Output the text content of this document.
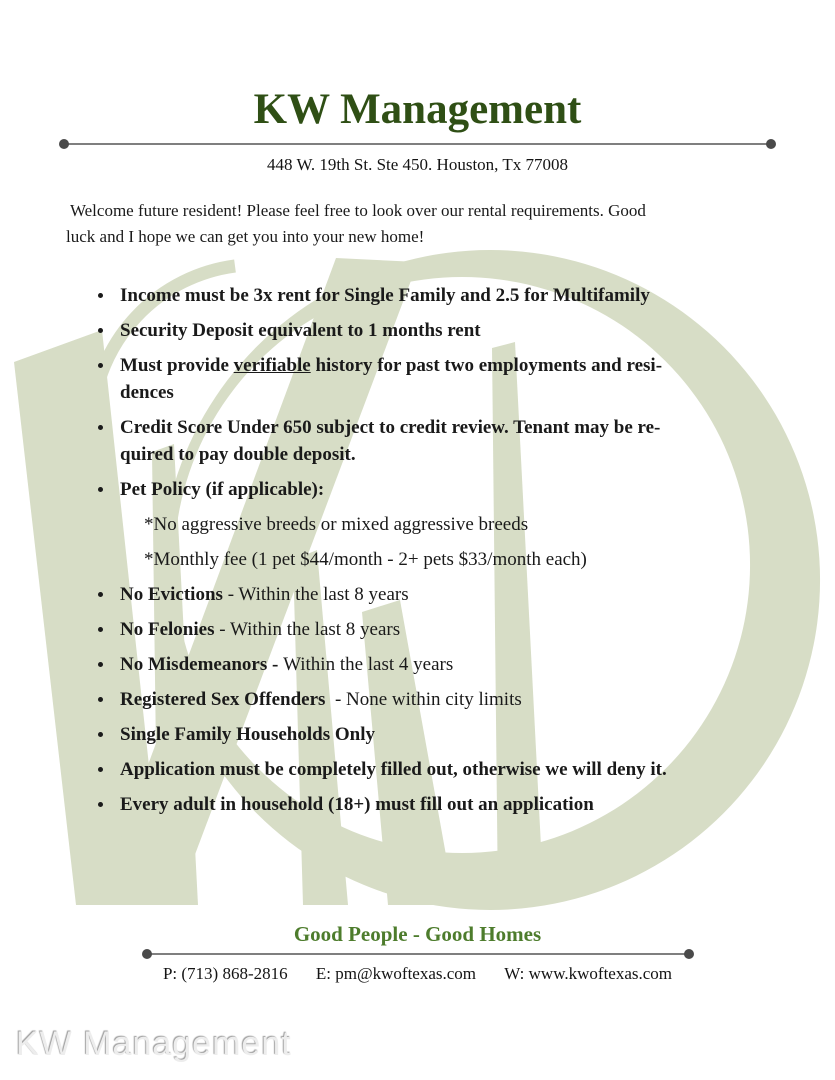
KW Management
448 W. 19th St. Ste 450. Houston, Tx 77008

Welcome future resident! Please feel free to look over our rental requirements. Good
luck and I hope we can get you into your new home!

Income must be 3x rent for Single Family and 2.5 for Multifamily
Security Deposit equivalent to 1 months rent
Must provide verifiable history for past two employments and resi-
dences
Credit Score Under 650 subject to credit review. Tenant may be re-
quired to pay double deposit.
Pet Policy (if applicable):
*No aggressive breeds or mixed aggressive breeds
*Monthly fee (1 pet $44/month - 2+ pets $33/month each)
No Evictions - Within the last 8 years
No Felonies - Within the last 8 years
No Misdemeanors - Within the last 4 years
Registered Sex Offenders  - None within city limits
Single Family Households Only
Application must be completely filled out, otherwise we will deny it.
Every adult in household (18+) must fill out an application
Good People - Good Homes
P: (713) 868-2816 E: pm@kwoftexas.com W: www.kwoftexas.com
KW Management
